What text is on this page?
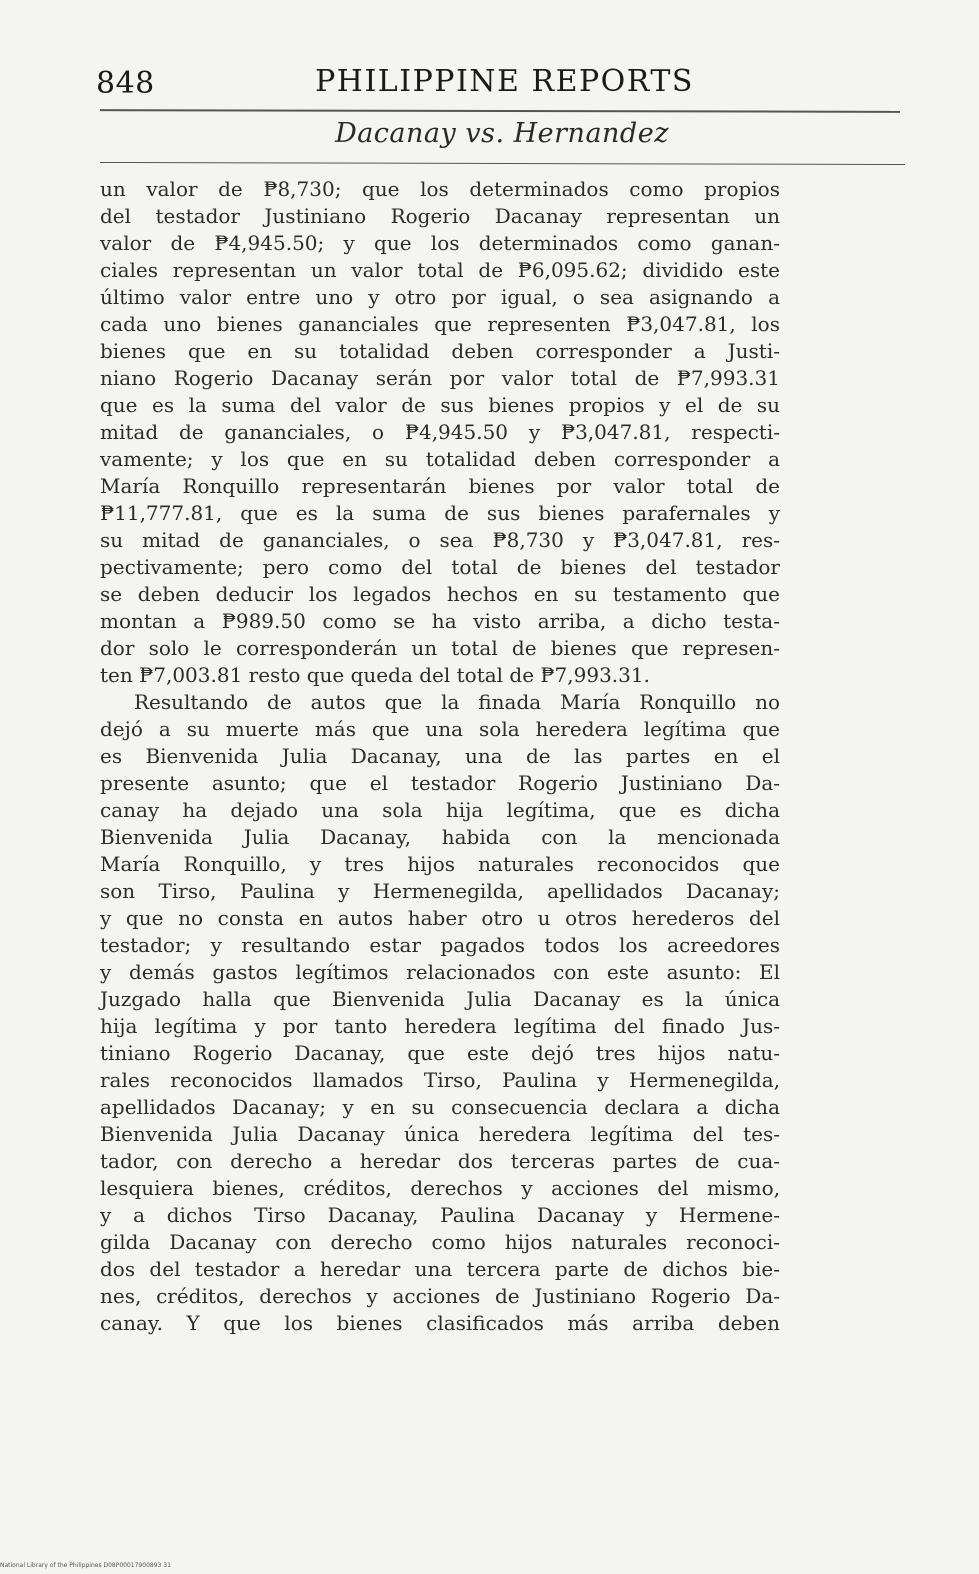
848	PHILIPPINE REPORTS
Dacanay vs. Hernandez
un valor de ₱8,730; que los determinados como propios
del testador Justiniano Rogerio Dacanay representan un
valor de ₱4,945.50; y que los determinados como ganan-
ciales representan un valor total de ₱6,095.62; dividido este
último valor entre uno y otro por igual, o sea asignando a
cada uno bienes gananciales que representen ₱3,047.81, los
bienes que en su totalidad deben corresponder a Justi-
niano Rogerio Dacanay serán por valor total de ₱7,993.31
que es la suma del valor de sus bienes propios y el de su
mitad de gananciales, o ₱4,945.50 y ₱3,047.81, respecti-
vamente; y los que en su totalidad deben corresponder a
María Ronquillo representarán bienes por valor total de
₱11,777.81, que es la suma de sus bienes parafernales y
su mitad de gananciales, o sea ₱8,730 y ₱3,047.81, res-
pectivamente; pero como del total de bienes del testador
se deben deducir los legados hechos en su testamento que
montan a ₱989.50 como se ha visto arriba, a dicho testa-
dor solo le corresponderán un total de bienes que represen-
ten ₱7,003.81 resto que queda del total de ₱7,993.31.
Resultando de autos que la finada María Ronquillo no
dejó a su muerte más que una sola heredera legítima que
es Bienvenida Julia Dacanay, una de las partes en el
presente asunto; que el testador Rogerio Justiniano Da-
canay ha dejado una sola hija legítima, que es dicha
Bienvenida Julia Dacanay, habida con la mencionada
María Ronquillo, y tres hijos naturales reconocidos que
son Tirso, Paulina y Hermenegilda, apellidados Dacanay;
y que no consta en autos haber otro u otros herederos del
testador; y resultando estar pagados todos los acreedores
y demás gastos legítimos relacionados con este asunto: El
Juzgado halla que Bienvenida Julia Dacanay es la única
hija legítima y por tanto heredera legítima del finado Jus-
tiniano Rogerio Dacanay, que este dejó tres hijos natu-
rales reconocidos llamados Tirso, Paulina y Hermenegilda,
apellidados Dacanay; y en su consecuencia declara a dicha
Bienvenida Julia Dacanay única heredera legítima del tes-
tador, con derecho a heredar dos terceras partes de cua-
lesquiera bienes, créditos, derechos y acciones del mismo,
y a dichos Tirso Dacanay, Paulina Dacanay y Hermene-
gilda Dacanay con derecho como hijos naturales reconoci-
dos del testador a heredar una tercera parte de dichos bie-
nes, créditos, derechos y acciones de Justiniano Rogerio Da-
canay. Y que los bienes clasificados más arriba deben
National Library of the Philippines D08P00017900893 31
